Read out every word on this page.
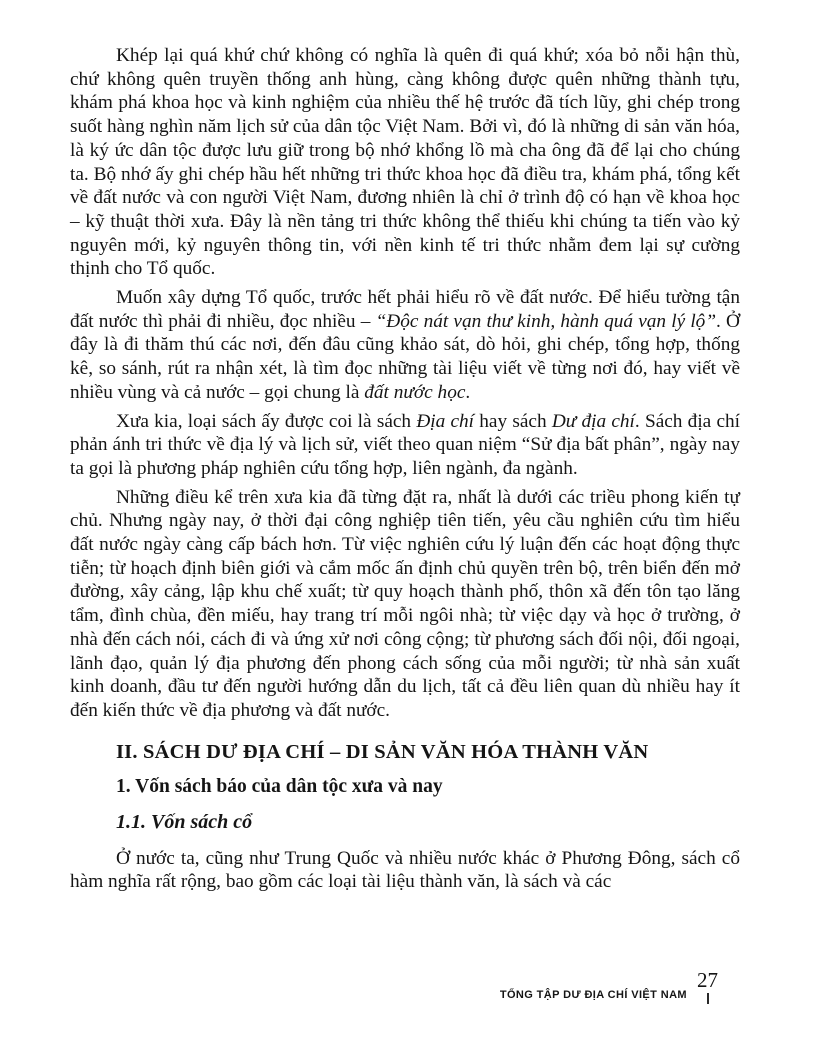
Khép lại quá khứ chứ không có nghĩa là quên đi quá khứ; xóa bỏ nỗi hận thù, chứ không quên truyền thống anh hùng, càng không được quên những thành tựu, khám phá khoa học và kinh nghiệm của nhiều thế hệ trước đã tích lũy, ghi chép trong suốt hàng nghìn năm lịch sử của dân tộc Việt Nam. Bởi vì, đó là những di sản văn hóa, là ký ức dân tộc được lưu giữ trong bộ nhớ khổng lồ mà cha ông đã để lại cho chúng ta. Bộ nhớ ấy ghi chép hầu hết những tri thức khoa học đã điều tra, khám phá, tổng kết về đất nước và con người Việt Nam, đương nhiên là chỉ ở trình độ có hạn về khoa học – kỹ thuật thời xưa. Đây là nền tảng tri thức không thể thiếu khi chúng ta tiến vào kỷ nguyên mới, kỷ nguyên thông tin, với nền kinh tế tri thức nhằm đem lại sự cường thịnh cho Tổ quốc.

Muốn xây dựng Tổ quốc, trước hết phải hiểu rõ về đất nước. Để hiểu tường tận đất nước thì phải đi nhiều, đọc nhiều – “Độc nát vạn thư kinh, hành quá vạn lý lộ”. Ở đây là đi thăm thú các nơi, đến đâu cũng khảo sát, dò hỏi, ghi chép, tổng hợp, thống kê, so sánh, rút ra nhận xét, là tìm đọc những tài liệu viết về từng nơi đó, hay viết về nhiều vùng và cả nước – gọi chung là đất nước học.

Xưa kia, loại sách ấy được coi là sách Địa chí hay sách Dư địa chí. Sách địa chí phản ánh tri thức về địa lý và lịch sử, viết theo quan niệm “Sử địa bất phân”, ngày nay ta gọi là phương pháp nghiên cứu tổng hợp, liên ngành, đa ngành.

Những điều kể trên xưa kia đã từng đặt ra, nhất là dưới các triều phong kiến tự chủ. Nhưng ngày nay, ở thời đại công nghiệp tiên tiến, yêu cầu nghiên cứu tìm hiểu đất nước ngày càng cấp bách hơn. Từ việc nghiên cứu lý luận đến các hoạt động thực tiễn; từ hoạch định biên giới và cắm mốc ấn định chủ quyền trên bộ, trên biển đến mở đường, xây cảng, lập khu chế xuất; từ quy hoạch thành phố, thôn xã đến tôn tạo lăng tẩm, đình chùa, đền miếu, hay trang trí mỗi ngôi nhà; từ việc dạy và học ở trường, ở nhà đến cách nói, cách đi và ứng xử nơi công cộng; từ phương sách đối nội, đối ngoại, lãnh đạo, quản lý địa phương đến phong cách sống của mỗi người; từ nhà sản xuất kinh doanh, đầu tư đến người hướng dẫn du lịch, tất cả đều liên quan dù nhiều hay ít đến kiến thức về địa phương và đất nước.

II. SÁCH DƯ ĐỊA CHÍ – DI SẢN VĂN HÓA THÀNH VĂN
1. Vốn sách báo của dân tộc xưa và nay
1.1. Vốn sách cổ

Ở nước ta, cũng như Trung Quốc và nhiều nước khác ở Phương Đông, sách cổ hàm nghĩa rất rộng, bao gồm các loại tài liệu thành văn, là sách và các

TỔNG TẬP DƯ ĐỊA CHÍ VIỆT NAM
27
